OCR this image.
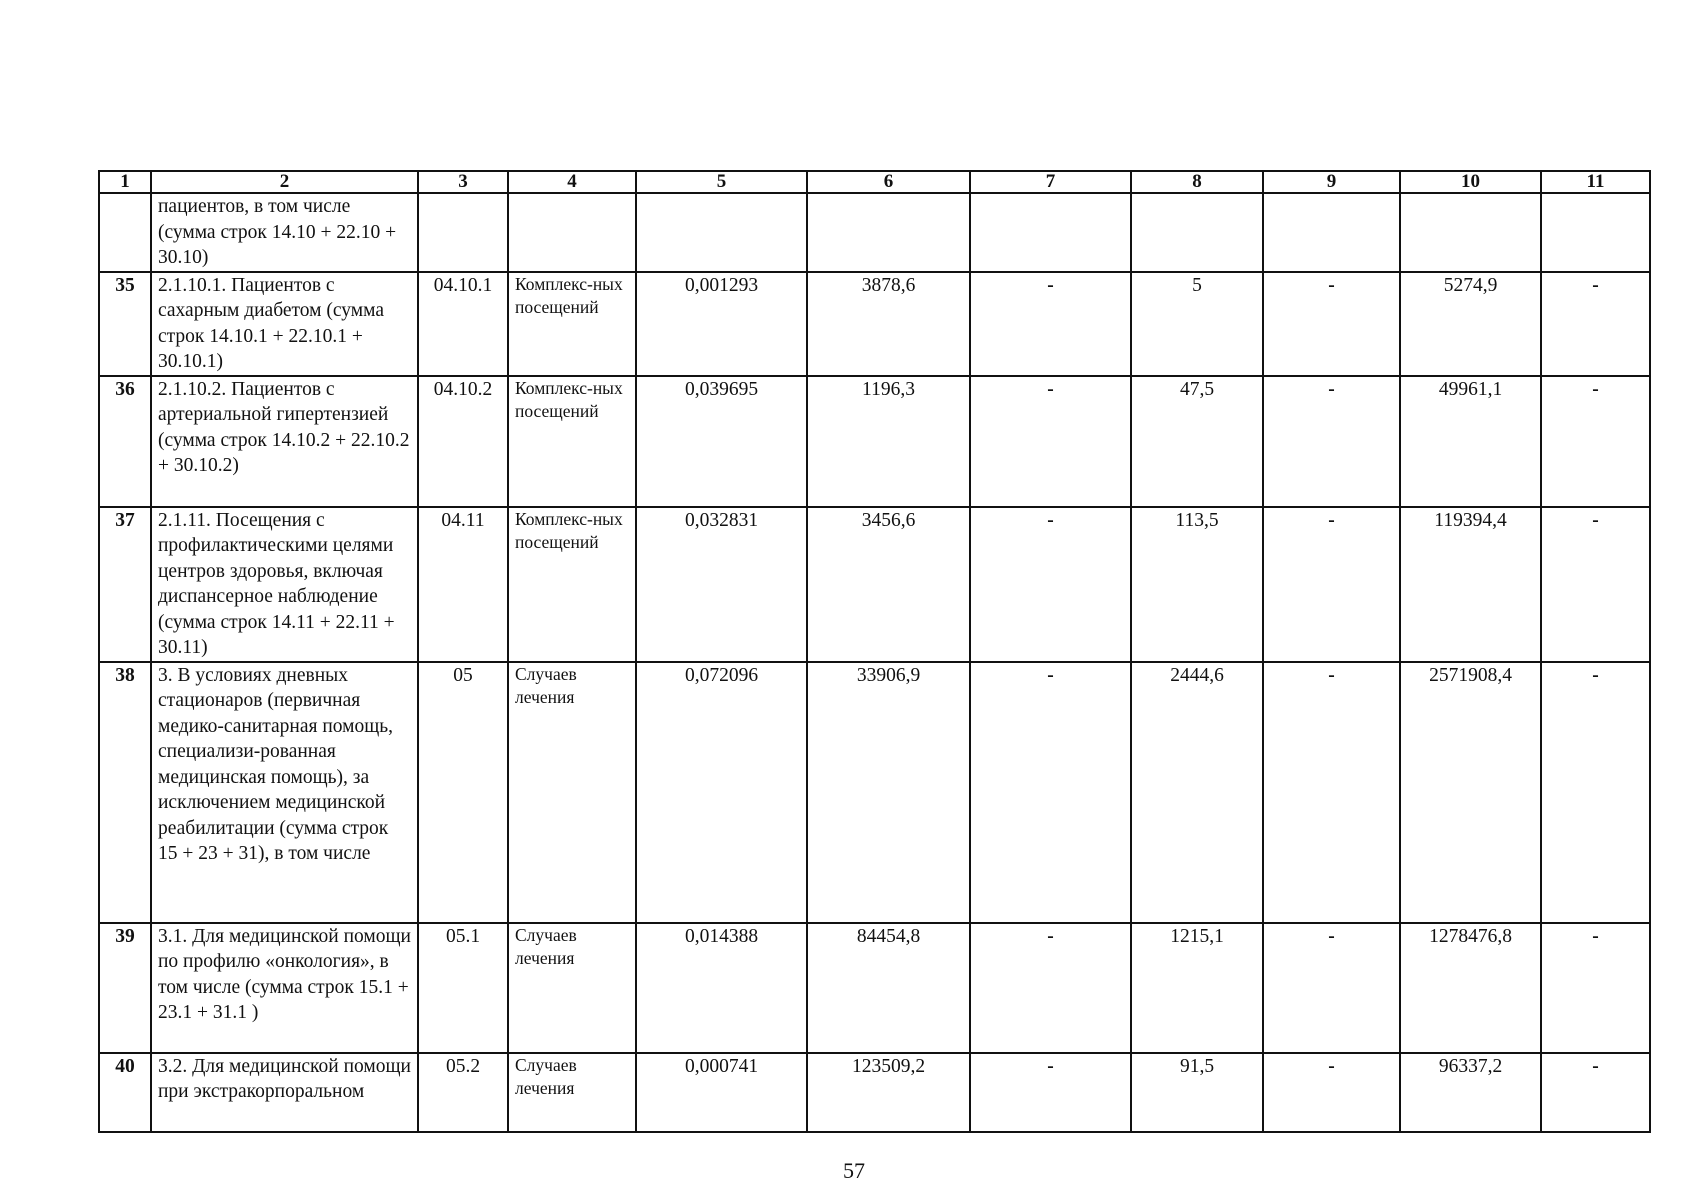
1	2	3	4	5	6	7	8	9	10	11
	пациентов, в том числе (сумма строк 14.10 + 22.10 + 30.10)									
35	2.1.10.1. Пациентов с сахарным диабетом (сумма строк 14.10.1 + 22.10.1 + 30.10.1)	04.10.1	Комплекс-ных посещений	0,001293	3878,6	-	5	-	5274,9	-
36	2.1.10.2. Пациентов с артериальной гипертензией (сумма строк 14.10.2 + 22.10.2 + 30.10.2)	04.10.2	Комплекс-ных посещений	0,039695	1196,3	-	47,5	-	49961,1	-
37	2.1.11. Посещения с профилактическими целями центров здоровья, включая диспансерное наблюдение (сумма строк 14.11 + 22.11 + 30.11)	04.11	Комплекс-ных посещений	0,032831	3456,6	-	113,5	-	119394,4	-
38	3. В условиях дневных стационаров (первичная медико-санитарная помощь, специализи-рованная медицинская помощь), за исключением медицинской реабилитации (сумма строк 15 + 23 + 31), в том числе	05	Случаев лечения	0,072096	33906,9	-	2444,6	-	2571908,4	-
39	3.1. Для медицинской помощи по профилю «онкология», в том числе (сумма строк 15.1 + 23.1 + 31.1 )	05.1	Случаев лечения	0,014388	84454,8	-	1215,1	-	1278476,8	-
40	3.2. Для медицинской помощи при экстракорпоральном	05.2	Случаев лечения	0,000741	123509,2	-	91,5	-	96337,2	-
57
